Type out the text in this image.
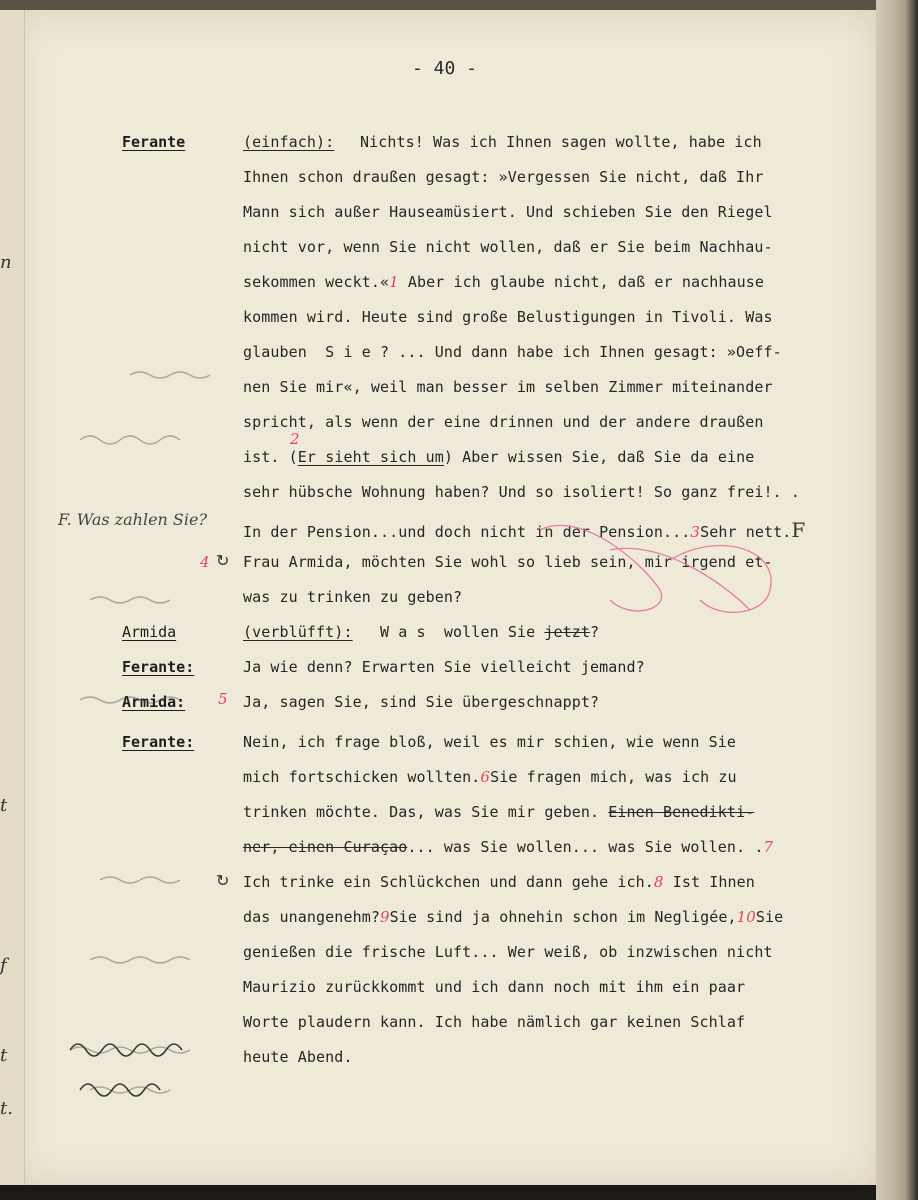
n
t
f
t
t.
- 40 -
Ferante	(einfach): Nichts! Was ich Ihnen sagen wollte, habe ich
Ihnen schon draußen gesagt: »Vergessen Sie nicht, daß Ihr
Mann sich außer Hauseamüsiert. Und schieben Sie den Riegel
nicht vor, wenn Sie nicht wollen, daß er Sie beim Nachhau-
sekommen weckt.«1 Aber ich glaube nicht, daß er nachhause
kommen wird. Heute sind große Belustigungen in Tivoli. Was
glauben  S i e ? ... Und dann habe ich Ihnen gesagt: »Oeff-
nen Sie mir«, weil man besser im selben Zimmer miteinander
spricht, als wenn der eine drinnen und der andere draußen
ist. (Er sieht sich um) Aber wissen Sie, daß Sie da eine
2
sehr hübsche Wohnung haben? Und so isoliert! So ganz frei!. .
In der Pension...und doch nicht in der Pension...3Sehr nett.F
4 ↻ Frau Armida, möchten Sie wohl so lieb sein, mir irgend et-
was zu trinken zu geben?
Armida	(verblüfft): W a s  wollen Sie jetzt?
Ferante:	Ja wie denn? Erwarten Sie vielleicht jemand?
Armida: 5 Ja, sagen Sie, sind Sie übergeschnappt?
Ferante:	Nein, ich frage bloß, weil es mir schien, wie wenn Sie
mich fortschicken wollten.6Sie fragen mich, was ich zu
trinken möchte. Das, was Sie mir geben. Einen Benedikti-
ner, einen Curaçao... was Sie wollen... was Sie wollen. .7
↻ Ich trinke ein Schlückchen und dann gehe ich.8 Ist Ihnen
das unangenehm?9Sie sind ja ohnehin schon im Negligée,10Sie
genießen die frische Luft... Wer weiß, ob inzwischen nicht
Maurizio zurückkommt und ich dann noch mit ihm ein paar
Worte plaudern kann. Ich habe nämlich gar keinen Schlaf
heute Abend.
F. Was zahlen Sie?
